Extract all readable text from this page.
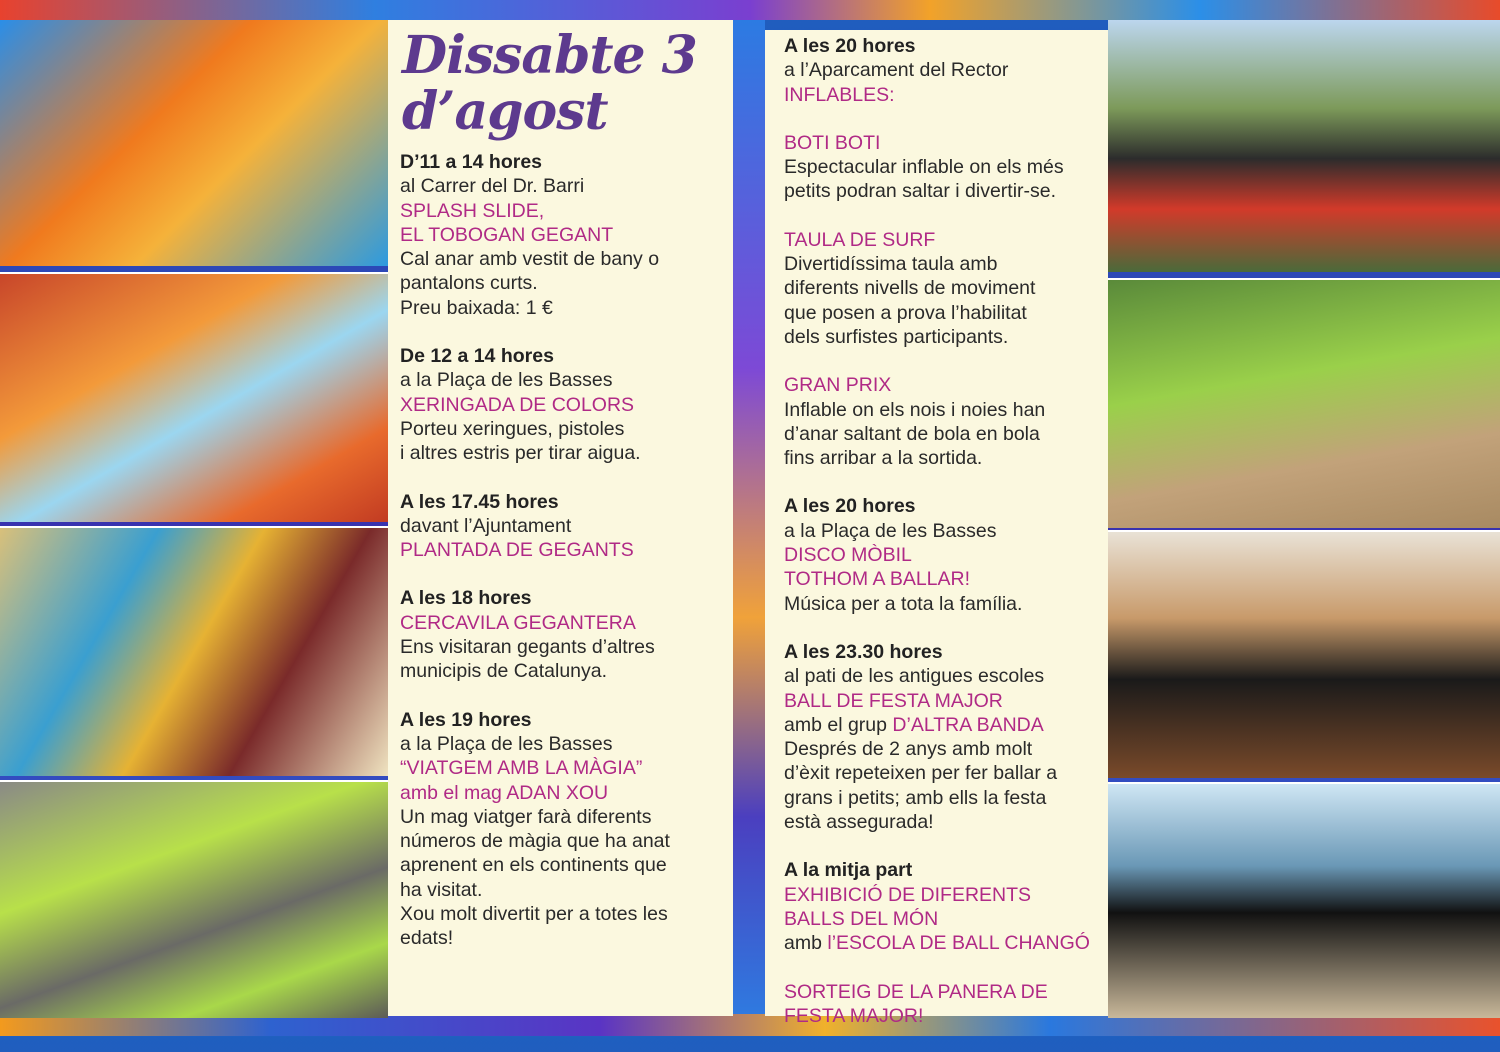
Dissabte 3
d’agost
D’11 a 14 hores
al Carrer del Dr. Barri
SPLASH SLIDE,
EL TOBOGAN GEGANT
Cal anar amb vestit de bany o
pantalons curts.
Preu baixada: 1 €
De 12 a 14 hores
a la Plaça de les Basses
XERINGADA DE COLORS
Porteu xeringues, pistoles
i altres estris per tirar aigua.
A les 17.45 hores
davant l’Ajuntament
PLANTADA DE GEGANTS
A les 18 hores
CERCAVILA GEGANTERA
Ens visitaran gegants d’altres
municipis de Catalunya.
A les 19 hores
a la Plaça de les Basses
“VIATGEM AMB LA MÀGIA”
amb el mag ADAN XOU
Un mag viatger farà diferents
números de màgia que ha anat
aprenent en els continents que
ha visitat.
Xou molt divertit per a totes les
edats!
A les 20 hores
a l’Aparcament del Rector
INFLABLES:
BOTI BOTI
Espectacular inflable on els més
petits podran saltar i divertir-se.
TAULA DE SURF
Divertidíssima taula amb
diferents nivells de moviment
que posen a prova l’habilitat
dels surfistes participants.
GRAN PRIX
Inflable on els nois i noies han
d’anar saltant de bola en bola
fins arribar a la sortida.
A les 20 hores
a la Plaça de les Basses
DISCO MÒBIL
TOTHOM A BALLAR!
Música per a tota la família.
A les 23.30 hores
al pati de les antigues escoles
BALL DE FESTA MAJOR
amb el grup D’ALTRA BANDA
Després de 2 anys amb molt
d’èxit repeteixen per fer ballar a
grans i petits; amb ells la festa
està assegurada!
A la mitja part
EXHIBICIÓ DE DIFERENTS
BALLS DEL MÓN
amb l’ESCOLA DE BALL CHANGÓ
SORTEIG DE LA PANERA DE
FESTA MAJOR!
